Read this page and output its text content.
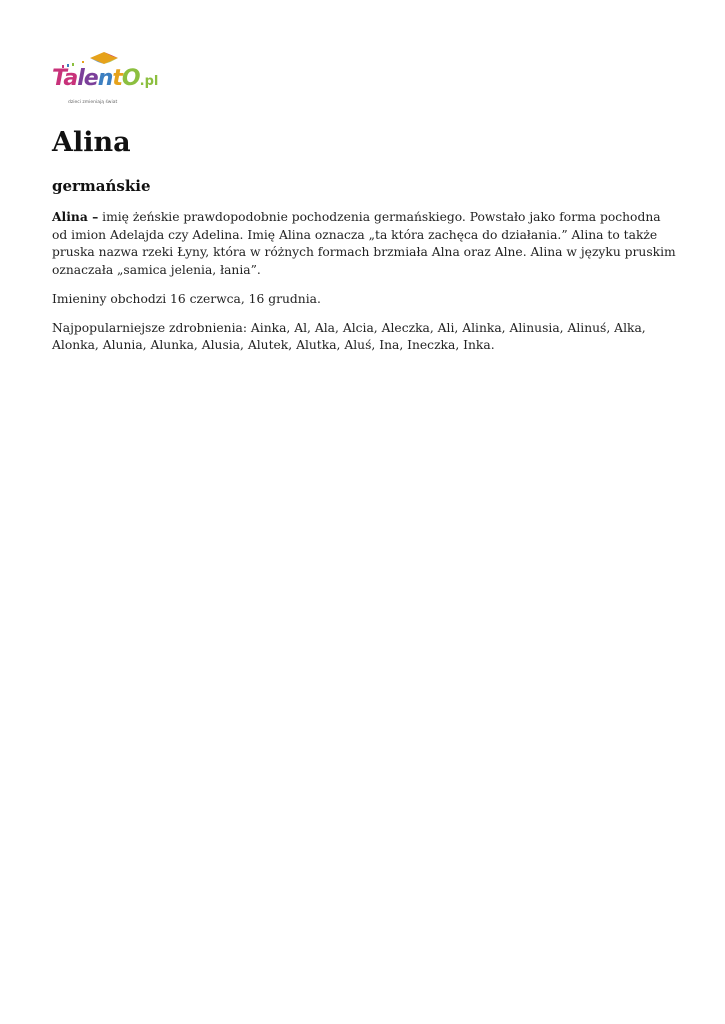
TalentO.pl
dzieci zmieniają świat
Alina
germańskie

Alina – imię żeńskie prawdopodobnie pochodzenia germańskiego. Powstało jako forma pochodna od imion Adelajda czy Adelina. Imię Alina oznacza „ta która zachęca do działania.” Alina to także pruska nazwa rzeki Łyny, która w różnych formach brzmiała Alna oraz Alne. Alina w języku pruskim oznaczała „samica jelenia, łania”.

Imieniny obchodzi 16 czerwca, 16 grudnia.

Najpopularniejsze zdrobnienia: Ainka, Al, Ala, Alcia, Aleczka, Ali, Alinka, Alinusia, Alinuś, Alka, Alonka, Alunia, Alunka, Alusia, Alutek, Alutka, Aluś, Ina, Ineczka, Inka.
